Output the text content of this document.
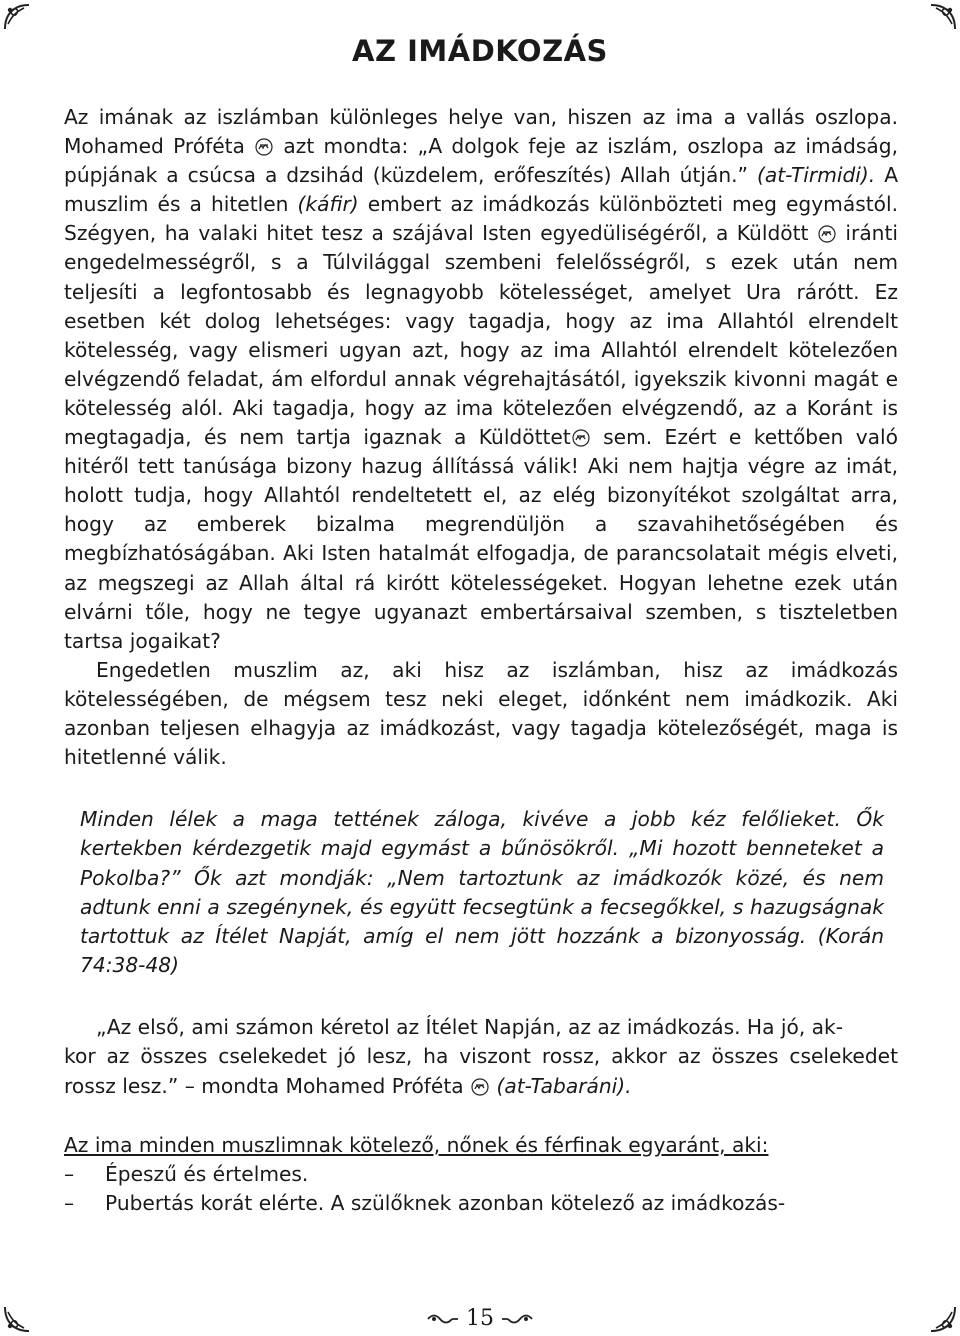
AZ IMÁDKOZÁS

Az imának az iszlámban különleges helye van, hiszen az ima a vallás oszlopa. Mohamed Próféta azt mondta: „A dolgok feje az iszlám, oszlopa az imádság, púpjának a csúcsa a dzsihád (küzdelem, erőfeszítés) Allah útján.” (at-Tirmidi). A muszlim és a hitetlen (káfir) embert az imádkozás különbözteti meg egymástól. Szégyen, ha valaki hitet tesz a szájával Isten egyedüliségéről, a Küldött iránti engedelmességről, s a Túlvilággal szembeni felelősségről, s ezek után nem teljesíti a legfontosabb és legnagyobb kötelességet, amelyet Ura rárótt. Ez esetben két dolog lehetséges: vagy tagadja, hogy az ima Allahtól elrendelt kötelesség, vagy elismeri ugyan azt, hogy az ima Allahtól elrendelt kötelezően elvégzendő feladat, ám elfordul annak végrehajtásától, igyekszik kivonni magát e kötelesség alól. Aki tagadja, hogy az ima kötelezően elvégzendő, az a Koránt is megtagadja, és nem tartja igaznak a Küldöttet sem. Ezért e kettőben való hitéről tett tanúsága bizony hazug állítássá válik! Aki nem hajtja végre az imát, holott tudja, hogy Allahtól rendeltetett el, az elég bizonyítékot szolgáltat arra, hogy az emberek bizalma megrendüljön a szavahihetőségében és megbízhatóságában. Aki Isten hatalmát elfogadja, de parancsolatait mégis elveti, az megszegi az Allah által rá kirótt kötelességeket. Hogyan lehetne ezek után elvárni tőle, hogy ne tegye ugyanazt embertársaival szemben, s tiszteletben tartsa jogaikat?

Engedetlen muszlim az, aki hisz az iszlámban, hisz az imádkozás kötelességében, de mégsem tesz neki eleget, időnként nem imádkozik. Aki azonban teljesen elhagyja az imádkozást, vagy tagadja kötelezőségét, maga is hitetlenné válik.

Minden lélek a maga tettének záloga, kivéve a jobb kéz felőlieket. Ők kertekben kérdezgetik majd egymást a bűnösökről. „Mi hozott benneteket a Pokolba?” Ők azt mondják: „Nem tartoztunk az imádkozók közé, és nem adtunk enni a szegénynek, és együtt fecsegtünk a fecsegőkkel, s hazugságnak tartottuk az Ítélet Napját, amíg el nem jött hozzánk a bizonyosság. (Korán 74:38-48)

„Az első, ami számon kéretol az Ítélet Napján, az az imádkozás. Ha jó, ak-
kor az összes cselekedet jó lesz, ha viszont rossz, akkor az összes cselekedet rossz lesz.” – mondta Mohamed Próféta (at-Tabaráni).

Az ima minden muszlimnak kötelező, nőnek és férfinak egyaránt, aki:

– Épeszű és értelmes.
– Pubertás korát elérte. A szülőknek azonban kötelező az imádkozás-
15
